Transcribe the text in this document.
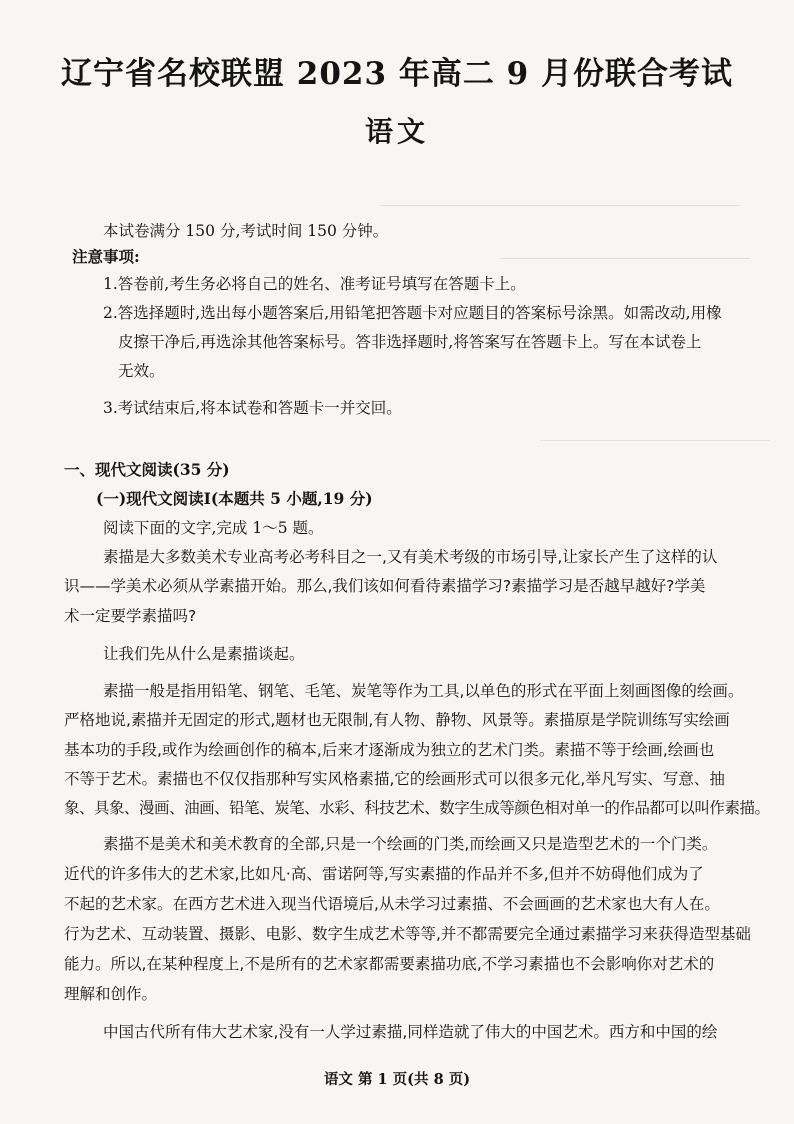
辽宁省名校联盟 2023 年高二 9 月份联合考试
语文
本试卷满分 150 分,考试时间 150 分钟。
注意事项:
1.答卷前,考生务必将自己的姓名、准考证号填写在答题卡上。
2.答选择题时,选出每小题答案后,用铅笔把答题卡对应题目的答案标号涂黑。如需改动,用橡
皮擦干净后,再选涂其他答案标号。答非选择题时,将答案写在答题卡上。写在本试卷上
无效。
3.考试结束后,将本试卷和答题卡一并交回。
一、现代文阅读(35 分)
(一)现代文阅读Ⅰ(本题共 5 小题,19 分)
阅读下面的文字,完成 1～5 题。
素描是大多数美术专业高考必考科目之一,又有美术考级的市场引导,让家长产生了这样的认
识——学美术必须从学素描开始。那么,我们该如何看待素描学习?素描学习是否越早越好?学美
术一定要学素描吗?
让我们先从什么是素描谈起。
素描一般是指用铅笔、钢笔、毛笔、炭笔等作为工具,以单色的形式在平面上刻画图像的绘画。
严格地说,素描并无固定的形式,题材也无限制,有人物、静物、风景等。素描原是学院训练写实绘画
基本功的手段,或作为绘画创作的稿本,后来才逐渐成为独立的艺术门类。素描不等于绘画,绘画也
不等于艺术。素描也不仅仅指那种写实风格素描,它的绘画形式可以很多元化,举凡写实、写意、抽
象、具象、漫画、油画、铅笔、炭笔、水彩、科技艺术、数字生成等颜色相对单一的作品都可以叫作素描。
素描不是美术和美术教育的全部,只是一个绘画的门类,而绘画又只是造型艺术的一个门类。
近代的许多伟大的艺术家,比如凡·高、雷诺阿等,写实素描的作品并不多,但并不妨碍他们成为了
不起的艺术家。在西方艺术进入现当代语境后,从未学习过素描、不会画画的艺术家也大有人在。
行为艺术、互动装置、摄影、电影、数字生成艺术等等,并不都需要完全通过素描学习来获得造型基础
能力。所以,在某种程度上,不是所有的艺术家都需要素描功底,不学习素描也不会影响你对艺术的
理解和创作。
中国古代所有伟大艺术家,没有一人学过素描,同样造就了伟大的中国艺术。西方和中国的绘
语文 第 1 页(共 8 页)
